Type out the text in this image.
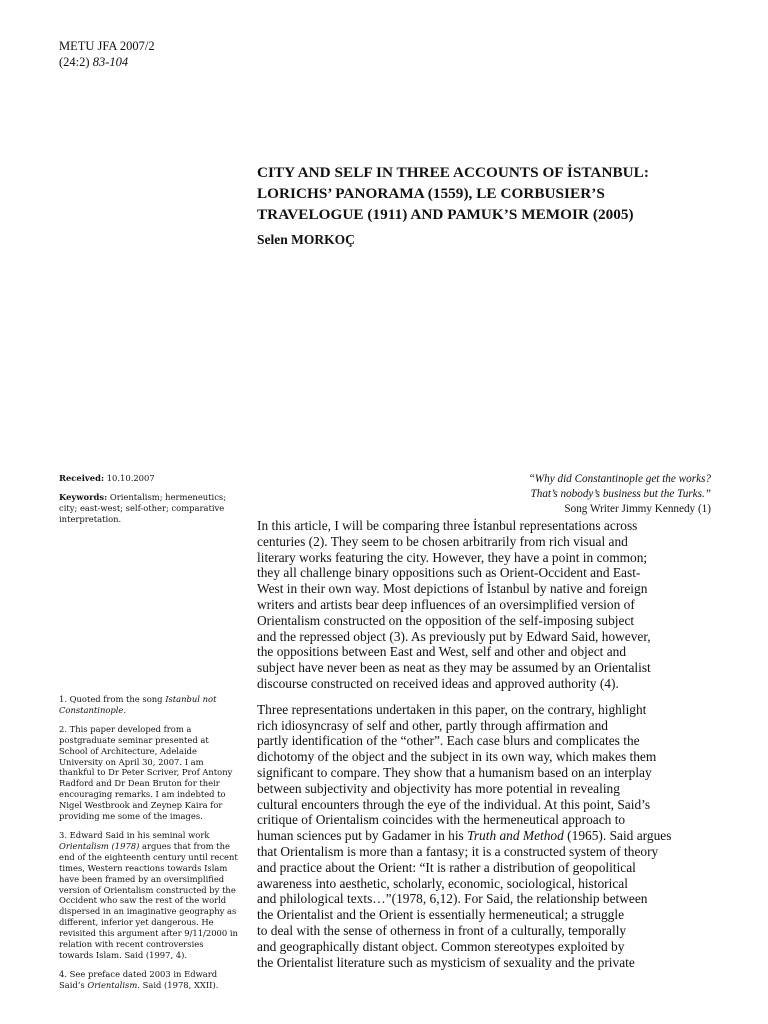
METU JFA 2007/2
(24:2) 83-104
CITY AND SELF IN THREE ACCOUNTS OF İSTANBUL:
LORICHS’ PANORAMA (1559), LE CORBUSIER’S
TRAVELOGUE (1911) AND PAMUK’S MEMOIR (2005)
Selen MORKOÇ

Received: 10.10.2007

Keywords: Orientalism; hermeneutics; city; east-west; self-other; comparative interpretation.

“Why did Constantinople get the works?
That’s nobody’s business but the Turks.”
Song Writer Jimmy Kennedy (1)

In this article, I will be comparing three İstanbul representations across
centuries (2). They seem to be chosen arbitrarily from rich visual and
literary works featuring the city. However, they have a point in common;
they all challenge binary oppositions such as Orient-Occident and East-
West in their own way. Most depictions of İstanbul by native and foreign
writers and artists bear deep influences of an oversimplified version of
Orientalism constructed on the opposition of the self-imposing subject
and the repressed object (3). As previously put by Edward Said, however,
the oppositions between East and West, self and other and object and
subject have never been as neat as they may be assumed by an Orientalist
discourse constructed on received ideas and approved authority (4).

Three representations undertaken in this paper, on the contrary, highlight
rich idiosyncrasy of self and other, partly through affirmation and
partly identification of the “other”. Each case blurs and complicates the
dichotomy of the object and the subject in its own way, which makes them
significant to compare. They show that a humanism based on an interplay
between subjectivity and objectivity has more potential in revealing
cultural encounters through the eye of the individual. At this point, Said’s
critique of Orientalism coincides with the hermeneutical approach to
human sciences put by Gadamer in his Truth and Method (1965). Said argues
that Orientalism is more than a fantasy; it is a constructed system of theory
and practice about the Orient: “It is rather a distribution of geopolitical
awareness into aesthetic, scholarly, economic, sociological, historical
and philological texts…”(1978, 6,12). For Said, the relationship between
the Orientalist and the Orient is essentially hermeneutical; a struggle
to deal with the sense of otherness in front of a culturally, temporally
and geographically distant object. Common stereotypes exploited by
the Orientalist literature such as mysticism of sexuality and the private

1. Quoted from the song Istanbul not Constantinople.
2. This paper developed from a postgraduate seminar presented at School of Architecture, Adelaide University on April 30, 2007. I am thankful to Dr Peter Scriver, Prof Antony Radford and Dr Dean Bruton for their encouraging remarks. I am indebted to Nigel Westbrook and Zeynep Kaira for providing me some of the images.
3. Edward Said in his seminal work Orientalism (1978) argues that from the end of the eighteenth century until recent times, Western reactions towards Islam have been framed by an oversimplified version of Orientalism constructed by the Occident who saw the rest of the world dispersed in an imaginative geography as different, inferior yet dangerous. He revisited this argument after 9/11/2000 in relation with recent controversies towards Islam. Said (1997, 4).
4. See preface dated 2003 in Edward Said’s Orientalism. Said (1978, XXII).
